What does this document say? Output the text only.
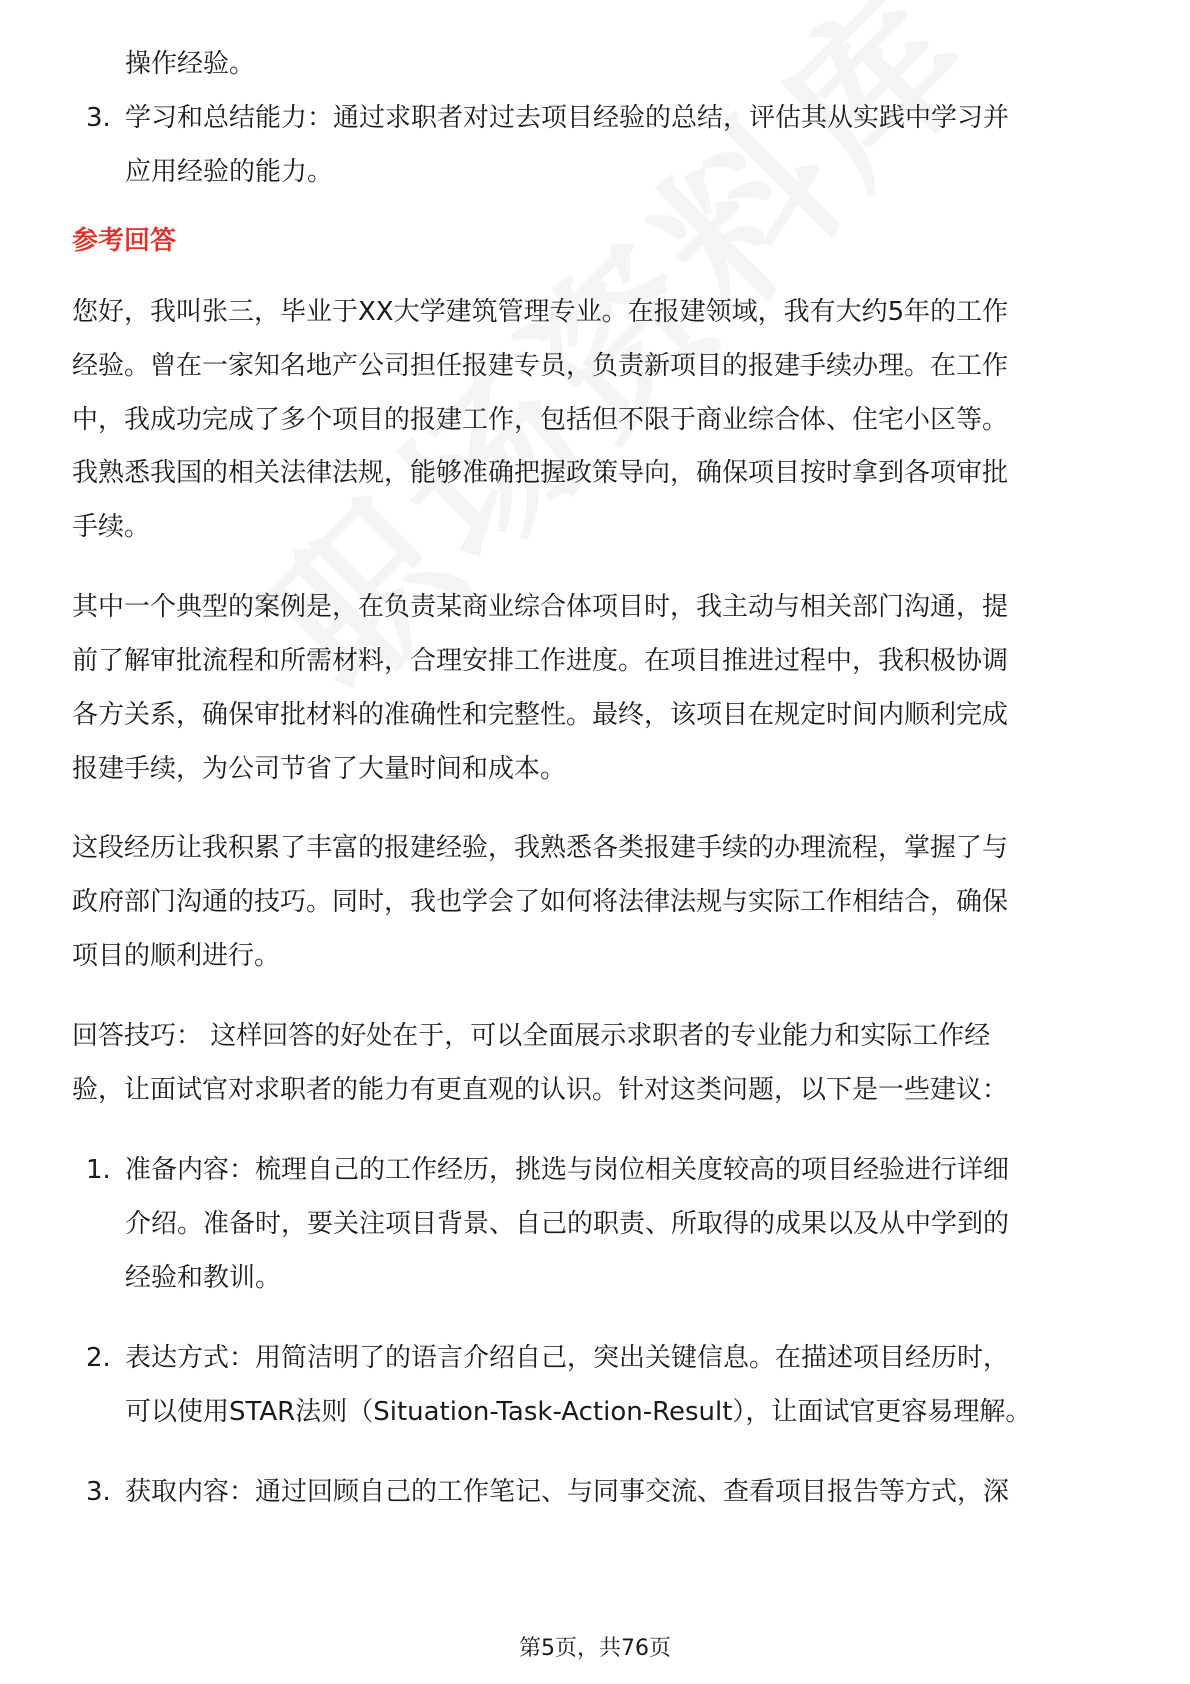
操作经验。
3. 学习和总结能力：通过求职者对过去项目经验的总结，评估其从实践中学习并
应用经验的能力。
参考回答
您好，我叫张三，毕业于XX大学建筑管理专业。在报建领域，我有大约5年的工作
经验。曾在一家知名地产公司担任报建专员，负责新项目的报建手续办理。在工作
中，我成功完成了多个项目的报建工作，包括但不限于商业综合体、住宅小区等。
我熟悉我国的相关法律法规，能够准确把握政策导向，确保项目按时拿到各项审批
手续。
其中一个典型的案例是，在负责某商业综合体项目时，我主动与相关部门沟通，提
前了解审批流程和所需材料，合理安排工作进度。在项目推进过程中，我积极协调
各方关系，确保审批材料的准确性和完整性。最终，该项目在规定时间内顺利完成
报建手续，为公司节省了大量时间和成本。
这段经历让我积累了丰富的报建经验，我熟悉各类报建手续的办理流程，掌握了与
政府部门沟通的技巧。同时，我也学会了如何将法律法规与实际工作相结合，确保
项目的顺利进行。
回答技巧： 这样回答的好处在于，可以全面展示求职者的专业能力和实际工作经
验，让面试官对求职者的能力有更直观的认识。针对这类问题，以下是一些建议：
1. 准备内容：梳理自己的工作经历，挑选与岗位相关度较高的项目经验进行详细
介绍。准备时，要关注项目背景、自己的职责、所取得的成果以及从中学到的
经验和教训。
2. 表达方式：用简洁明了的语言介绍自己，突出关键信息。在描述项目经历时，
可以使用STAR法则（Situation-Task-Action-Result），让面试官更容易理解。
3. 获取内容：通过回顾自己的工作笔记、与同事交流、查看项目报告等方式，深
第5页，共76页
